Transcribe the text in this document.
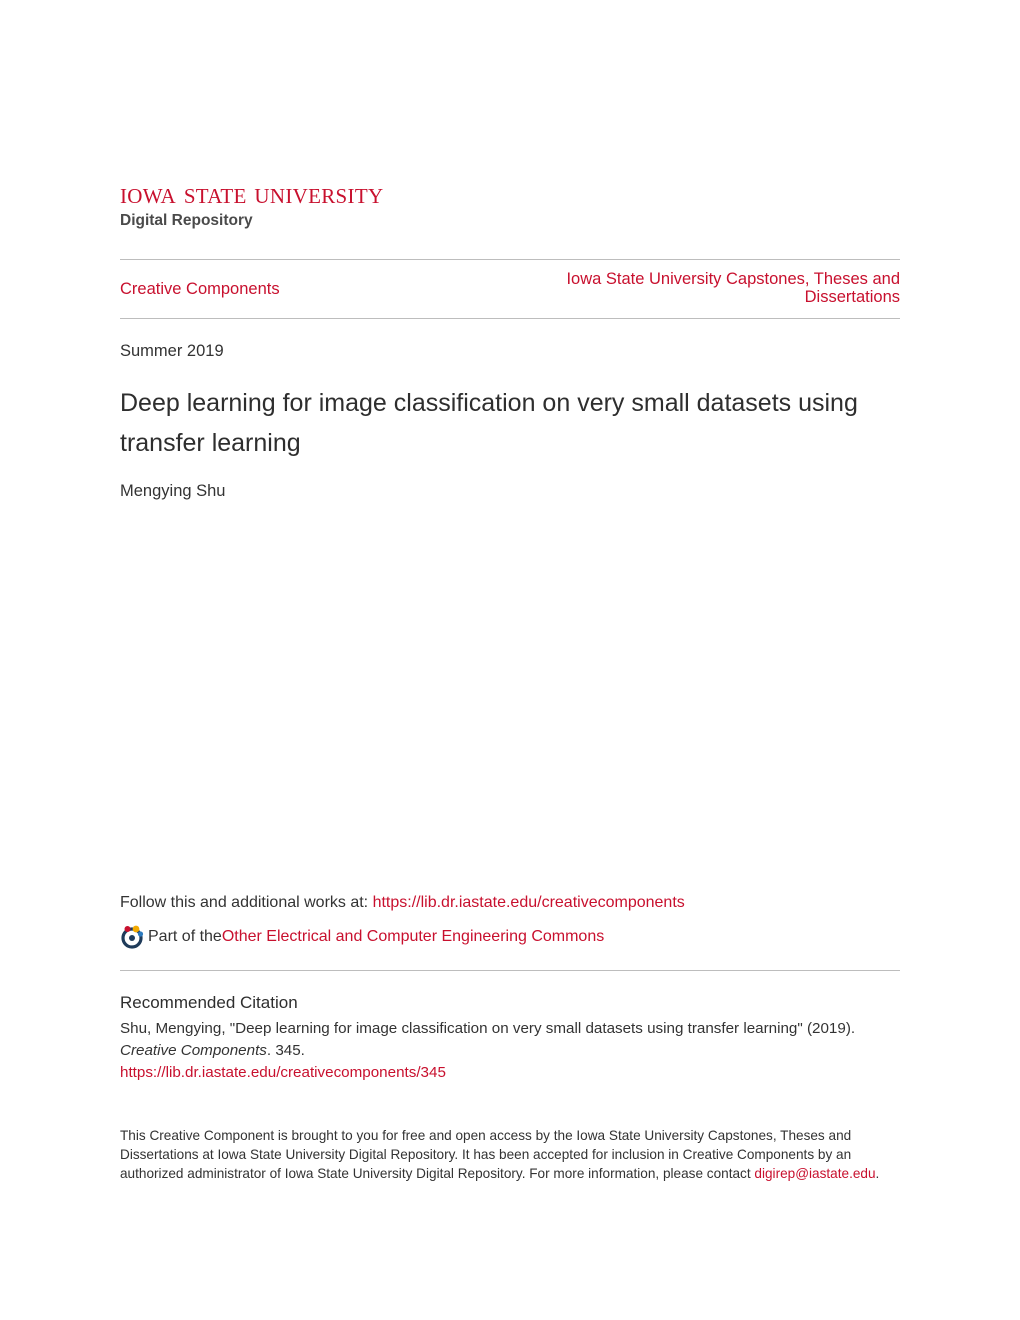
iowa state university
Digital Repository
Creative Components
Iowa State University Capstones, Theses and Dissertations
Summer 2019
Deep learning for image classification on very small datasets using transfer learning
Mengying Shu
Follow this and additional works at: https://lib.dr.iastate.edu/creativecomponents
Part of the Other Electrical and Computer Engineering Commons
Recommended Citation
Shu, Mengying, "Deep learning for image classification on very small datasets using transfer learning" (2019). Creative Components. 345.
https://lib.dr.iastate.edu/creativecomponents/345
This Creative Component is brought to you for free and open access by the Iowa State University Capstones, Theses and Dissertations at Iowa State University Digital Repository. It has been accepted for inclusion in Creative Components by an authorized administrator of Iowa State University Digital Repository. For more information, please contact digirep@iastate.edu.
